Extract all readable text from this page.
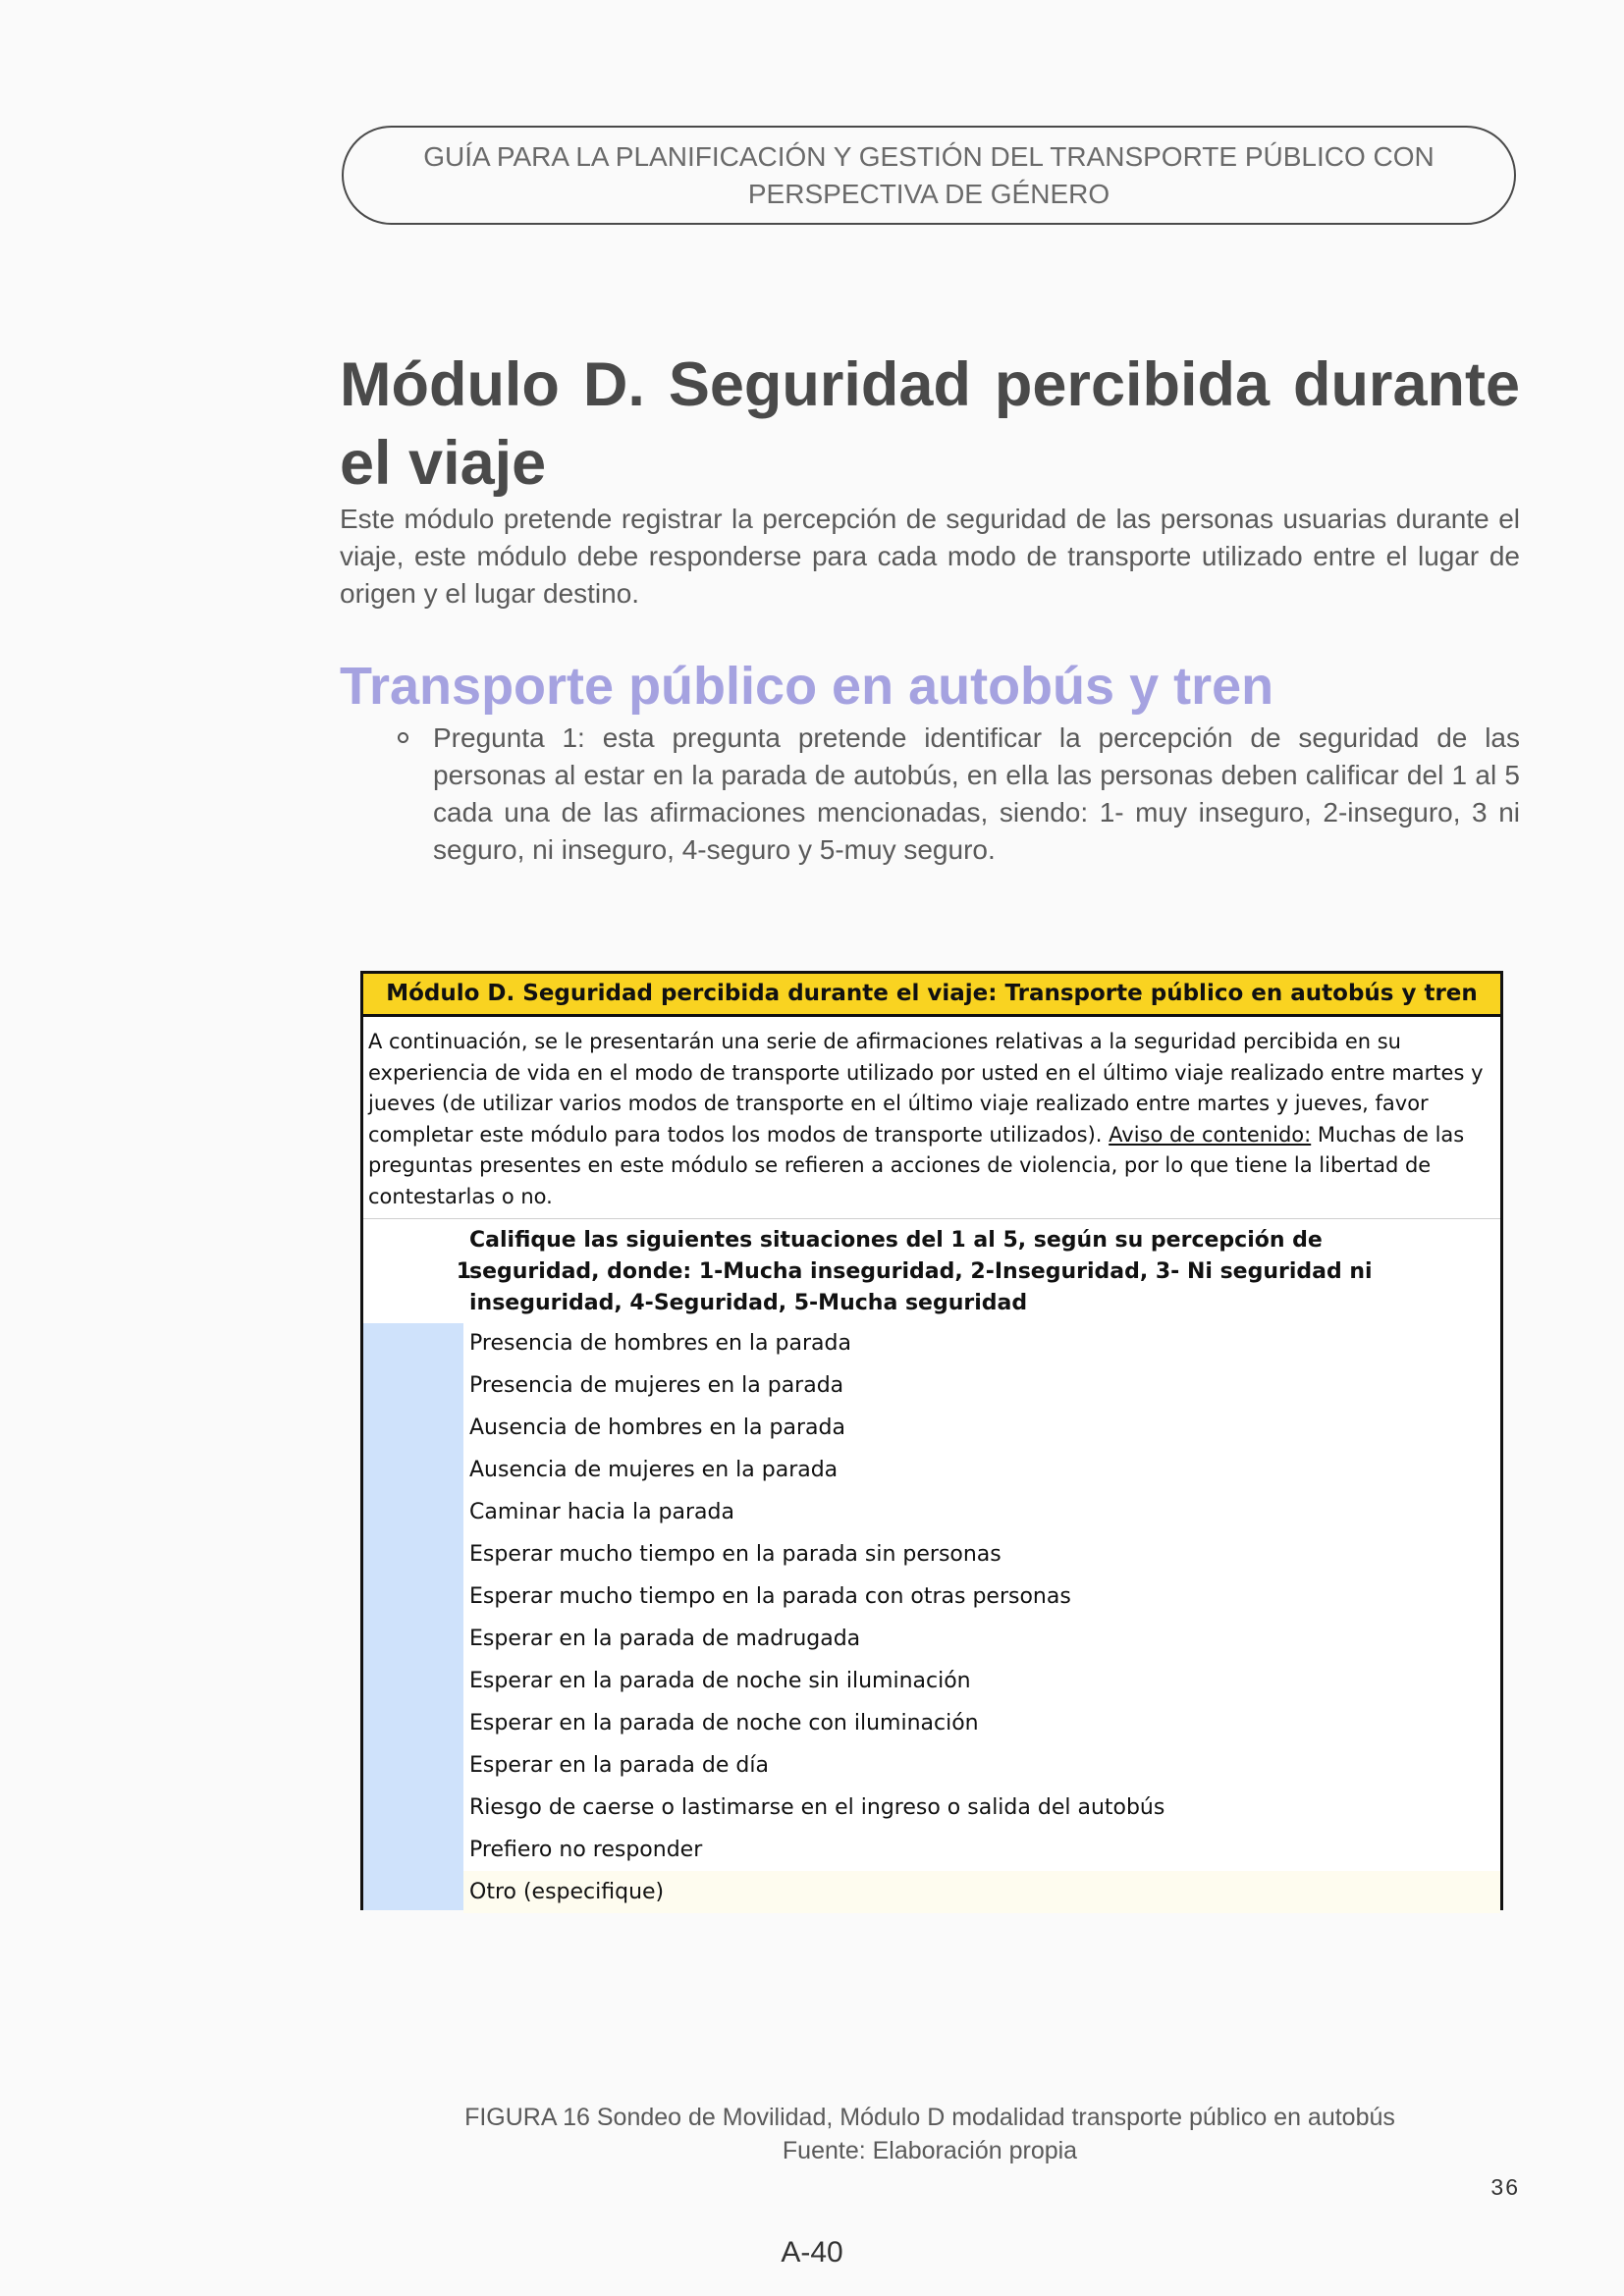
GUÍA PARA LA PLANIFICACIÓN Y GESTIÓN DEL TRANSPORTE PÚBLICO CON
PERSPECTIVA DE GÉNERO
Módulo D. Seguridad percibida durante el viaje

Este módulo pretende registrar la percepción de seguridad de las personas usuarias durante el viaje, este módulo debe responderse para cada modo de transporte utilizado entre el lugar de origen y el lugar destino.

Transporte público en autobús y tren
Pregunta 1: esta pregunta pretende identificar la percepción de seguridad de las personas al estar en la parada de autobús, en ella las personas deben calificar del 1 al 5 cada una de las afirmaciones mencionadas, siendo: 1- muy inseguro, 2-inseguro, 3 ni seguro, ni inseguro, 4-seguro y 5-muy seguro.
Módulo D. Seguridad percibida durante el viaje: Transporte público en autobús y tren
A continuación, se le presentarán una serie de afirmaciones relativas a la seguridad percibida en su experiencia de vida en el modo de transporte utilizado por usted en el último viaje realizado entre martes y jueves (de utilizar varios modos de transporte en el último viaje realizado entre martes y jueves, favor completar este módulo para todos los modos de transporte utilizados). Aviso de contenido: Muchas de las preguntas presentes en este módulo se refieren a acciones de violencia, por lo que tiene la libertad de contestarlas o no.
1
Califique las siguientes situaciones del 1 al 5, según su percepción de seguridad, donde: 1-Mucha inseguridad, 2-Inseguridad, 3- Ni seguridad ni inseguridad, 4-Seguridad, 5-Mucha seguridad
Presencia de hombres en la parada
Presencia de mujeres en la parada
Ausencia de hombres en la parada
Ausencia de mujeres en la parada
Caminar hacia la parada
Esperar mucho tiempo en la parada sin personas
Esperar mucho tiempo en la parada con otras personas
Esperar en la parada de madrugada
Esperar en la parada de noche sin iluminación
Esperar en la parada de noche con iluminación
Esperar en la parada de día
Riesgo de caerse o lastimarse en el ingreso o salida del autobús
Prefiero no responder
Otro (especifique)
FIGURA 16 Sondeo de Movilidad, Módulo D modalidad transporte público en autobús
Fuente: Elaboración propia
36
A-40
